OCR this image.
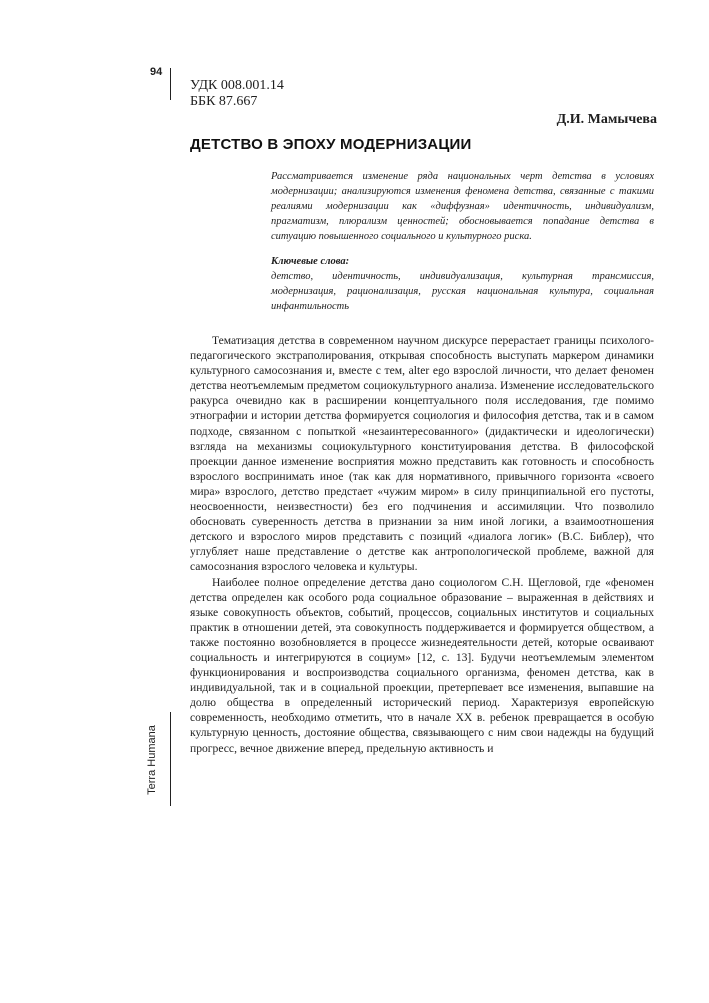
94
Terra Humana
УДК 008.001.14
ББК 87.667
Д.И. Мамычева
ДЕТСТВО В ЭПОХУ МОДЕРНИЗАЦИИ

Рассматривается изменение ряда национальных черт детства в условиях модернизации; анализируются изменения феномена детства, связанные с такими реалиями модернизации как «диффузная» идентичность, индивидуализм, прагматизм, плюрализм ценностей; обосновывается попадание детства в ситуацию повышенного социального и культурного риска.

Ключевые слова:

детство, идентичность, индивидуализация, культурная трансмиссия, модернизация, рационализация, русская национальная культура, социальная инфантильность

Тематизация детства в современном научном дискурсе перерастает границы психолого-педагогического экстраполирования, открывая способность выступать маркером динамики культурного самосознания и, вместе с тем, alter ego взрослой личности, что делает феномен детства неотъемлемым предметом социокультурного анализа. Изменение исследовательского ракурса очевидно как в расширении концептуального поля исследования, где помимо этнографии и истории детства формируется социология и философия детства, так и в самом подходе, связанном с попыткой «незаинтересованного» (дидактически и идеологически) взгляда на механизмы социокультурного конституирования детства. В философской проекции данное изменение восприятия можно представить как готовность и способность взрослого воспринимать иное (так как для нормативного, привычного горизонта «своего мира» взрослого, детство предстает «чужим миром» в силу принципиальной его пустоты, неосвоенности, неизвестности) без его подчинения и ассимиляции. Что позволило обосновать суверенность детства в признании за ним иной логики, а взаимоотношения детского и взрослого миров представить с позиций «диалога логик» (В.С. Библер), что углубляет наше представление о детстве как антропологической проблеме, важной для самосознания взрослого человека и культуры.

Наиболее полное определение детства дано социологом С.Н. Щегловой, где «феномен детства определен как особого рода социальное образование – выраженная в действиях и языке совокупность объектов, событий, процессов, социальных институтов и социальных практик в отношении детей, эта совокупность поддерживается и формируется обществом, а также постоянно возобновляется в процессе жизнедеятельности детей, которые осваивают социальность и интегрируются в социум» [12, с. 13]. Будучи неотъемлемым элементом функционирования и воспроизводства социального организма, феномен детства, как в индивидуальной, так и в социальной проекции, претерпевает все изменения, выпавшие на долю общества в определенный исторический период. Характеризуя европейскую современность, необходимо отметить, что в начале XX в. ребенок превращается в особую культурную ценность, достояние общества, связывающего с ним свои надежды на будущий прогресс, вечное движение вперед, предельную активность и
